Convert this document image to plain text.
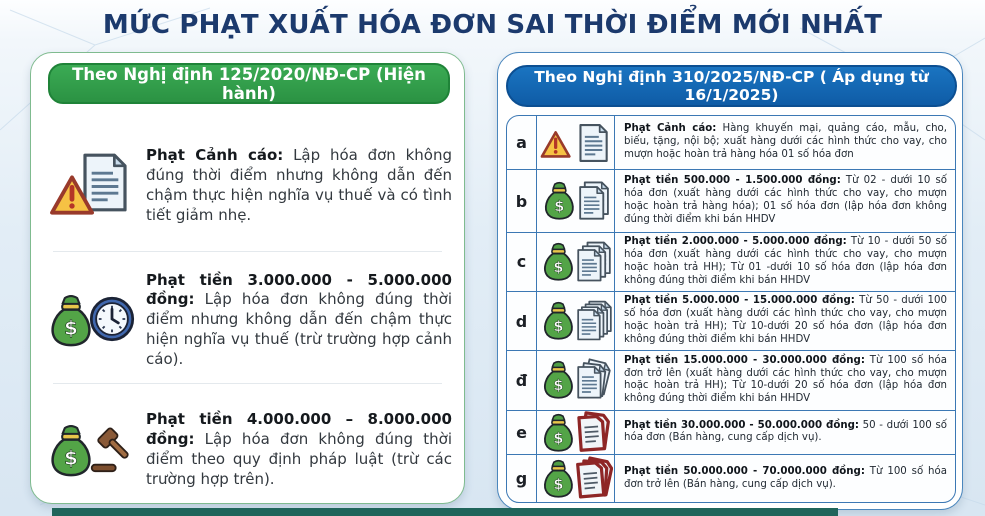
MỨC PHẠT XUẤT HÓA ĐƠN SAI THỜI ĐIỂM MỚI NHẤT
Theo Nghị định 125/2020/NĐ-CP (Hiện hành)
Phạt Cảnh cáo: Lập hóa đơn không đúng thời điểm nhưng không dẫn đến chậm thực hiện nghĩa vụ thuế và có tình tiết giảm nhẹ.
Phạt tiền 3.000.000 - 5.000.000 đồng: Lập hóa đơn không đúng thời điểm nhưng không dẫn đến chậm thực hiện nghĩa vụ thuế (trừ trường hợp cảnh cáo).
Phạt tiền 4.000.000 – 8.000.000 đồng: Lập hóa đơn không đúng thời điểm theo quy định pháp luật (trừ các trường hợp trên).
Theo Nghị định 310/2025/NĐ-CP ( Áp dụng từ 16/1/2025)
a
Phạt Cảnh cáo: Hàng khuyến mại, quảng cáo, mẫu, cho, biếu, tặng, nội bộ; xuất hàng dưới các hình thức cho vay, cho mượn hoặc hoàn trả hàng hóa 01 số hóa đơn
b
Phạt tiền 500.000 - 1.500.000 đồng: Từ 02 - dưới 10 số hóa đơn (xuất hàng dưới các hình thức cho vay, cho mượn hoặc hoàn trả hàng hóa); 01 số hóa đơn (lập hóa đơn không đúng thời điểm khi bán HHDV
c
Phạt tiền 2.000.000 - 5.000.000 đồng: Từ 10 - dưới 50 số hóa đơn (xuất hàng dưới các hình thức cho vay, cho mượn hoặc hoàn trả HH); Từ 01 -dưới 10 số hóa đơn (lập hóa đơn không đúng thời điểm khi bán HHDV
d
Phạt tiền 5.000.000 - 15.000.000 đồng: Từ 50 - dưới 100 số hóa đơn (xuất hàng dưới các hình thức cho vay, cho mượn hoặc hoàn trả HH); Từ 10-dưới 20 số hóa đơn (lập hóa đơn không đúng thời điểm khi bán HHDV
đ
Phạt tiền 15.000.000 - 30.000.000 đồng: Từ 100 số hóa đơn trở lên (xuất hàng dưới các hình thức cho vay, cho mượn hoặc hoàn trả HH); Từ 10-dưới 20 số hóa đơn (lập hóa đơn không đúng thời điểm khi bán HHDV
e	Phạt tiền 30.000.000 - 50.000.000 đồng: 50 - dưới 100 số hóa đơn (Bán hàng, cung cấp dịch vụ).
g	Phạt tiền 50.000.000 - 70.000.000 đồng: Từ 100 số hóa đơn trở lên (Bán hàng, cung cấp dịch vụ).
